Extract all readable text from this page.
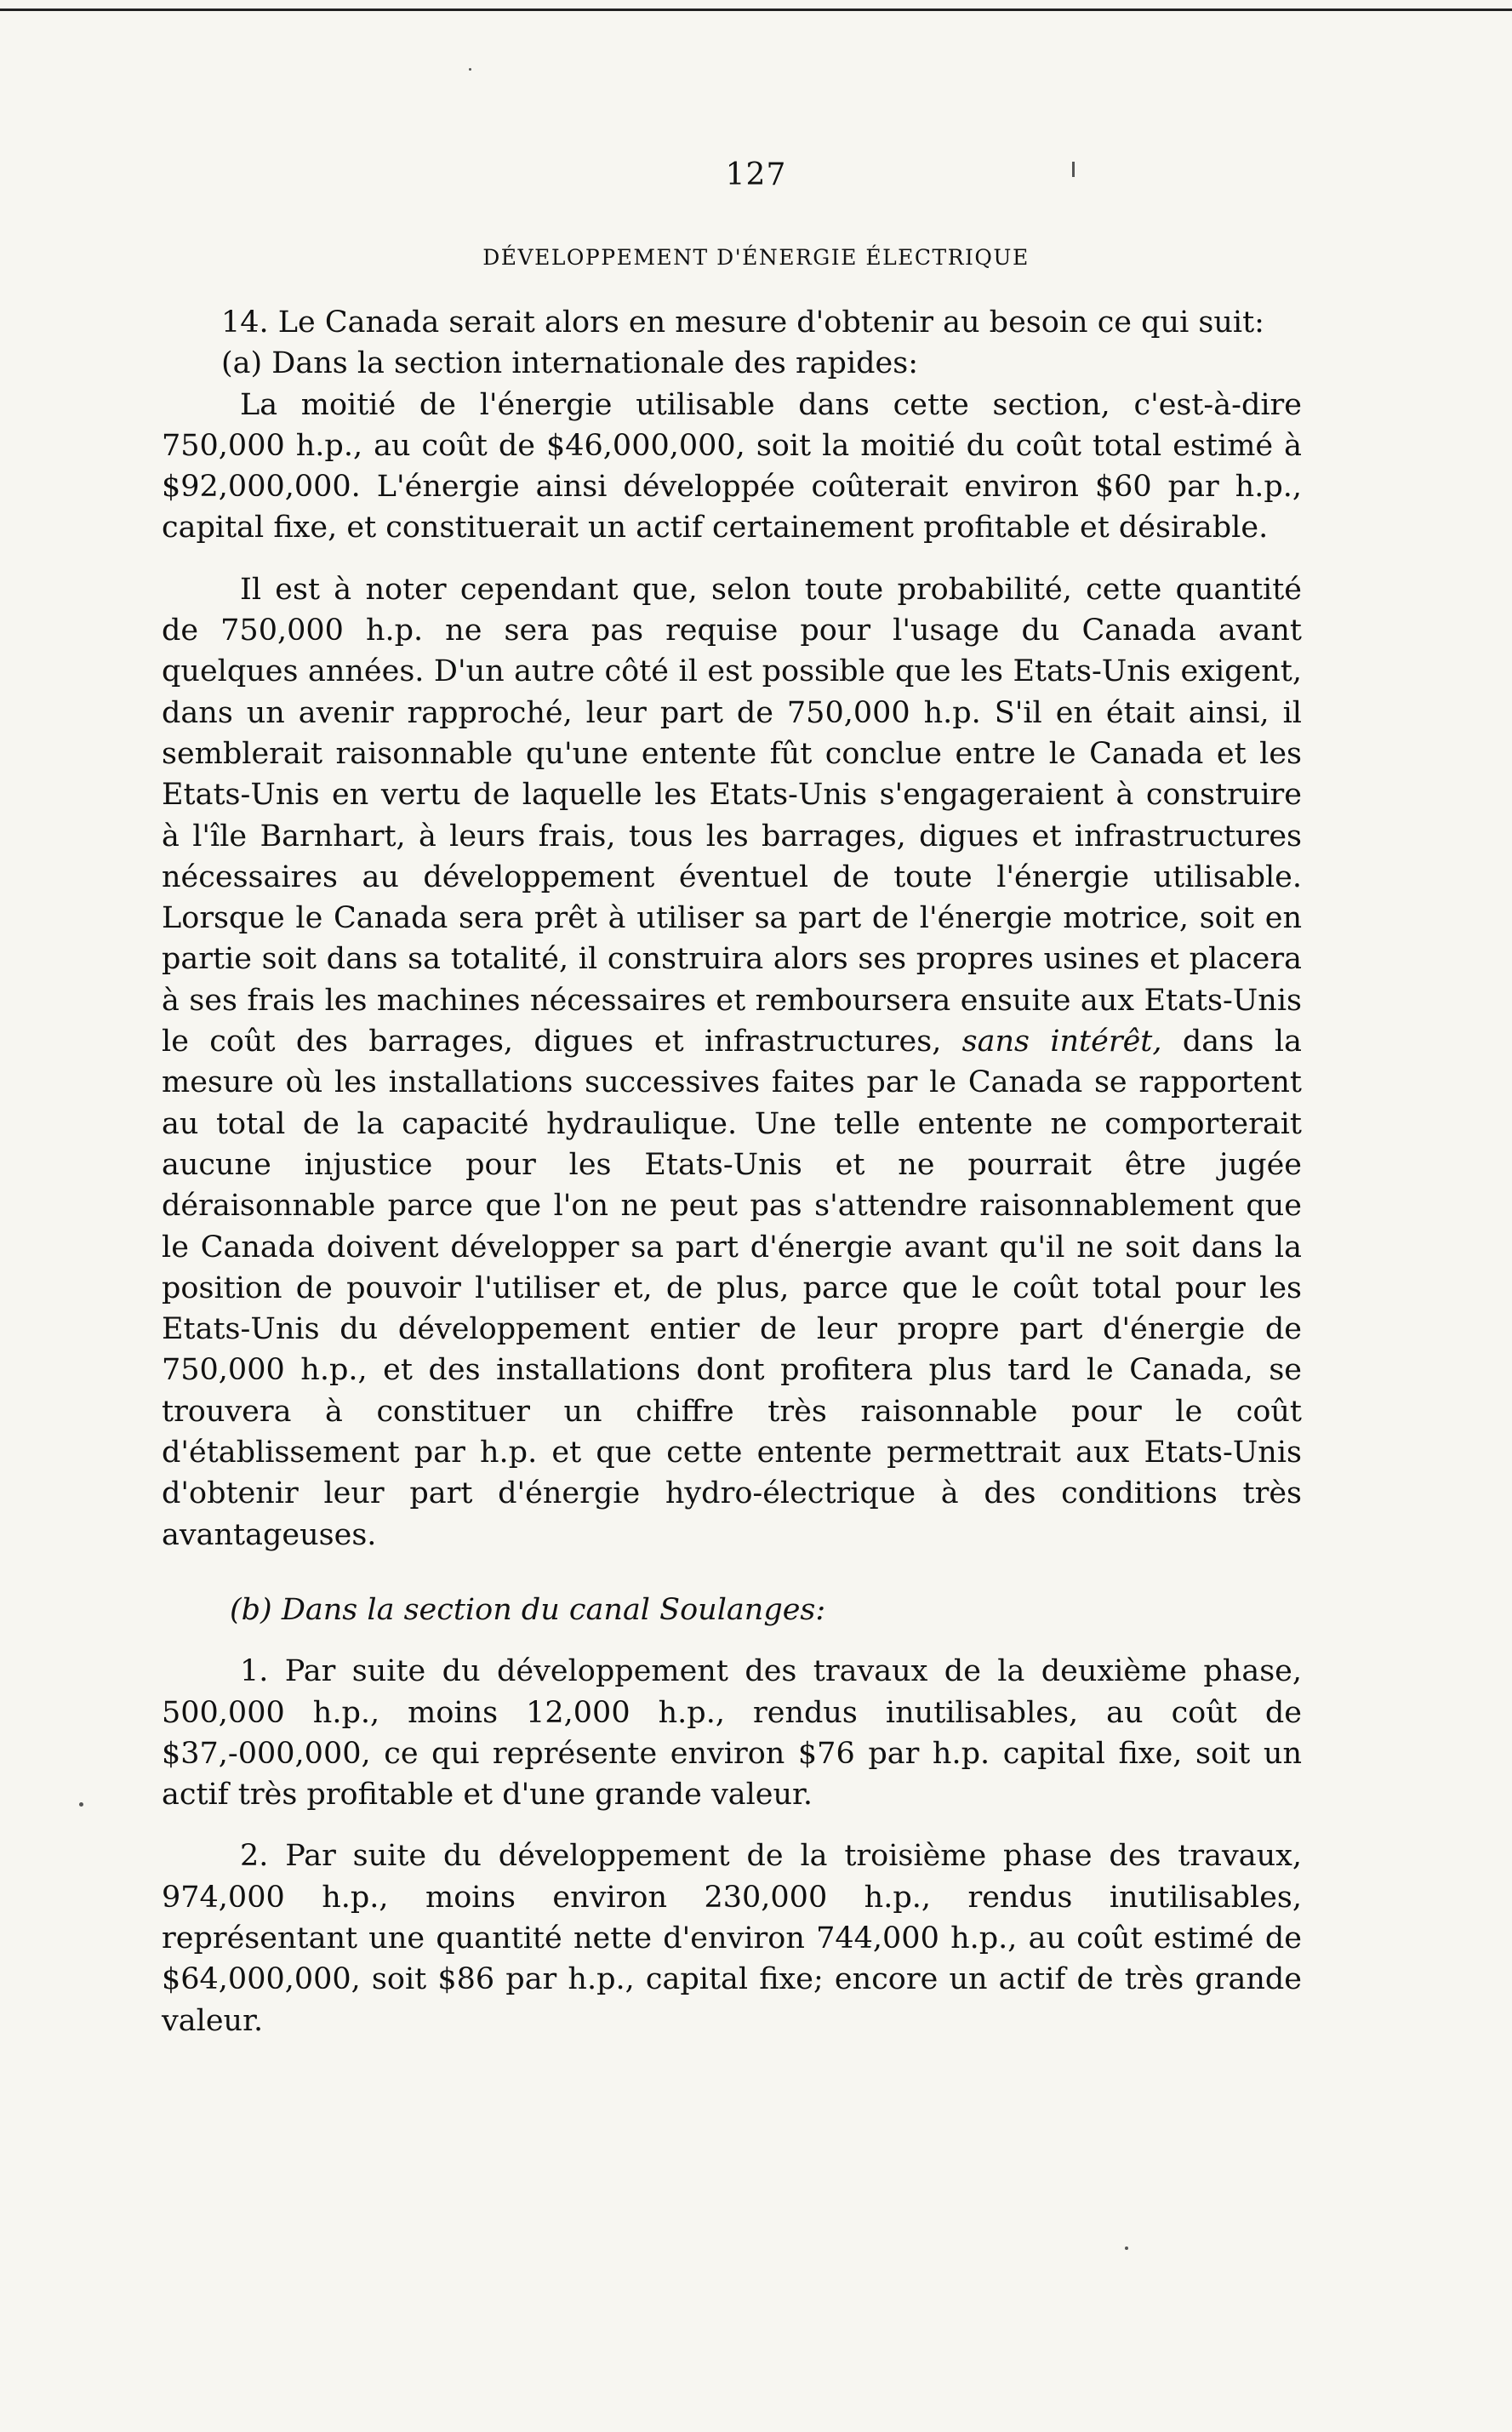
127
DÉVELOPPEMENT D'ÉNERGIE ÉLECTRIQUE

14. Le Canada serait alors en mesure d'obtenir au besoin ce qui suit:

(a) Dans la section internationale des rapides:

La moitié de l'énergie utilisable dans cette section, c'est-à-dire 750,000 h.p., au coût de $46,000,000, soit la moitié du coût total estimé à $92,000,000. L'énergie ainsi développée coûterait environ $60 par h.p., capital fixe, et constituerait un actif certainement profitable et désirable.

Il est à noter cependant que, selon toute probabilité, cette quantité de 750,000 h.p. ne sera pas requise pour l'usage du Canada avant quelques années. D'un autre côté il est possible que les Etats-Unis exigent, dans un avenir rapproché, leur part de 750,000 h.p. S'il en était ainsi, il semblerait raisonnable qu'une entente fût conclue entre le Canada et les Etats-Unis en vertu de laquelle les Etats-Unis s'engageraient à construire à l'île Barnhart, à leurs frais, tous les barrages, digues et infrastructures nécessaires au développement éventuel de toute l'énergie utilisable. Lorsque le Canada sera prêt à utiliser sa part de l'énergie motrice, soit en partie soit dans sa totalité, il construira alors ses propres usines et placera à ses frais les machines nécessaires et remboursera ensuite aux Etats-Unis le coût des barrages, digues et infrastructures, sans intérêt, dans la mesure où les installations successives faites par le Canada se rapportent au total de la capacité hydraulique. Une telle entente ne comporterait aucune injustice pour les Etats-Unis et ne pourrait être jugée déraisonnable parce que l'on ne peut pas s'attendre raisonnablement que le Canada doivent développer sa part d'énergie avant qu'il ne soit dans la position de pouvoir l'utiliser et, de plus, parce que le coût total pour les Etats-Unis du développement entier de leur propre part d'énergie de 750,000 h.p., et des installations dont profitera plus tard le Canada, se trouvera à constituer un chiffre très raisonnable pour le coût d'établissement par h.p. et que cette entente permettrait aux Etats-Unis d'obtenir leur part d'énergie hydro-électrique à des conditions très avantageuses.

(b) Dans la section du canal Soulanges:

1. Par suite du développement des travaux de la deuxième phase, 500,000 h.p., moins 12,000 h.p., rendus inutilisables, au coût de $37,-000,000, ce qui représente environ $76 par h.p. capital fixe, soit un actif très profitable et d'une grande valeur.

2. Par suite du développement de la troisième phase des travaux, 974,000 h.p., moins environ 230,000 h.p., rendus inutilisables, représentant une quantité nette d'environ 744,000 h.p., au coût estimé de $64,000,000, soit $86 par h.p., capital fixe; encore un actif de très grande valeur.
